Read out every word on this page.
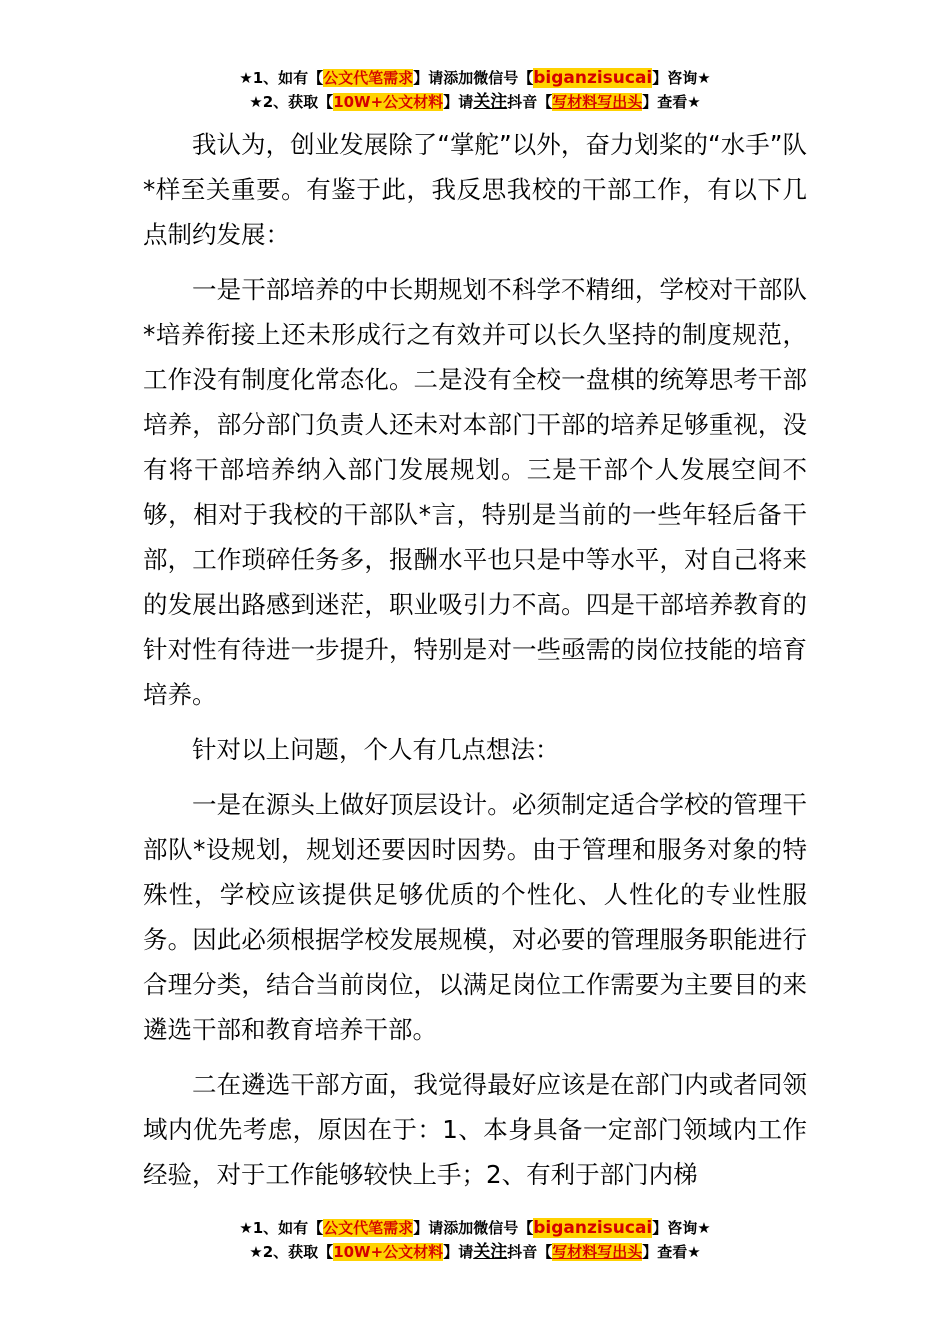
★1、如有【公文代笔需求】请添加微信号【biganzisucai】咨询★
★2、获取【10W+公文材料】请关注抖音【写材料写出头】查看★

我认为，创业发展除了“掌舵”以外，奋力划桨的“水手”队*样至关重要。有鉴于此，我反思我校的干部工作，有以下几点制约发展：

一是干部培养的中长期规划不科学不精细，学校对干部队*培养衔接上还未形成行之有效并可以长久坚持的制度规范，工作没有制度化常态化。二是没有全校一盘棋的统筹思考干部培养，部分部门负责人还未对本部门干部的培养足够重视，没有将干部培养纳入部门发展规划。三是干部个人发展空间不够，相对于我校的干部队*言，特别是当前的一些年轻后备干部，工作琐碎任务多，报酬水平也只是中等水平，对自己将来的发展出路感到迷茫，职业吸引力不高。四是干部培养教育的针对性有待进一步提升，特别是对一些亟需的岗位技能的培育培养。

针对以上问题，个人有几点想法：

一是在源头上做好顶层设计。必须制定适合学校的管理干部队*设规划，规划还要因时因势。由于管理和服务对象的特殊性，学校应该提供足够优质的个性化、人性化的专业性服务。因此必须根据学校发展规模，对必要的管理服务职能进行合理分类，结合当前岗位，以满足岗位工作需要为主要目的来遴选干部和教育培养干部。

二在遴选干部方面，我觉得最好应该是在部门内或者同领域内优先考虑，原因在于：1、本身具备一定部门领域内工作经验，对于工作能够较快上手；2、有利于部门内梯

★1、如有【公文代笔需求】请添加微信号【biganzisucai】咨询★
★2、获取【10W+公文材料】请关注抖音【写材料写出头】查看★
